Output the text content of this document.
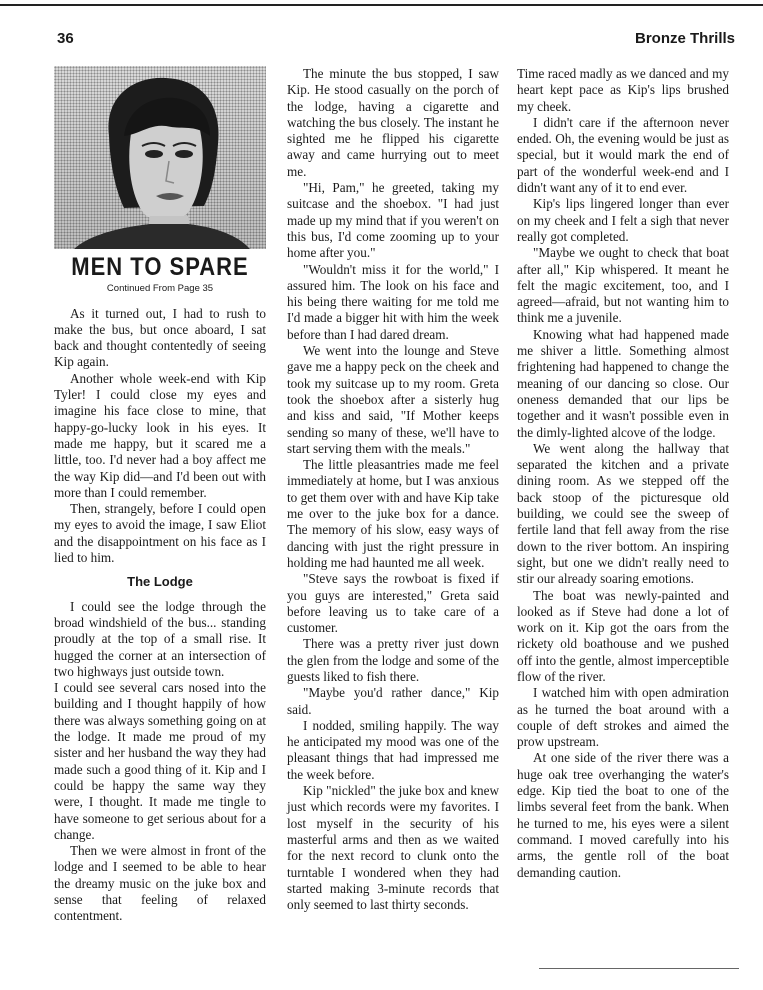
36	Bronze Thrills
MEN TO SPARE
Continued From Page 35

As it turned out, I had to rush to make the bus, but once aboard, I sat back and thought contentedly of seeing Kip again.

Another whole week-end with Kip Tyler! I could close my eyes and imagine his face close to mine, that happy-go-lucky look in his eyes. It made me happy, but it scared me a little, too. I'd never had a boy affect me the way Kip did—and I'd been out with more than I could remember.

Then, strangely, before I could open my eyes to avoid the image, I saw Eliot and the disappointment on his face as I lied to him.

The Lodge

I could see the lodge through the broad windshield of the bus... standing proudly at the top of a small rise. It hugged the corner at an intersection of two highways just outside town.

I could see several cars nosed into the building and I thought happily of how there was always something going on at the lodge. It made me proud of my sister and her husband the way they had made such a good thing of it. Kip and I could be happy the same way they were, I thought. It made me tingle to have someone to get serious about for a change.

Then we were almost in front of the lodge and I seemed to be able to hear the dreamy music on the juke box and sense that feeling of relaxed contentment.

The minute the bus stopped, I saw Kip. He stood casually on the porch of the lodge, having a cigarette and watching the bus closely. The instant he sighted me he flipped his cigarette away and came hurrying out to meet me.

"Hi, Pam," he greeted, taking my suitcase and the shoebox. "I had just made up my mind that if you weren't on this bus, I'd come zooming up to your home after you."

"Wouldn't miss it for the world," I assured him. The look on his face and his being there waiting for me told me I'd made a bigger hit with him the week before than I had dared dream.

We went into the lounge and Steve gave me a happy peck on the cheek and took my suitcase up to my room. Greta took the shoebox after a sisterly hug and kiss and said, "If Mother keeps sending so many of these, we'll have to start serving them with the meals."

The little pleasantries made me feel immediately at home, but I was anxious to get them over with and have Kip take me over to the juke box for a dance. The memory of his slow, easy ways of dancing with just the right pressure in holding me had haunted me all week.

"Steve says the rowboat is fixed if you guys are interested," Greta said before leaving us to take care of a customer.

There was a pretty river just down the glen from the lodge and some of the guests liked to fish there.

"Maybe you'd rather dance," Kip said.

I nodded, smiling happily. The way he anticipated my mood was one of the pleasant things that had impressed me the week before.

Kip "nickled" the juke box and knew just which records were my favorites. I lost myself in the security of his masterful arms and then as we waited for the next record to clunk onto the turntable I wondered when they had started making 3-minute records that only seemed to last thirty seconds.

Time raced madly as we danced and my heart kept pace as Kip's lips brushed my cheek.

I didn't care if the afternoon never ended. Oh, the evening would be just as special, but it would mark the end of part of the wonderful week-end and I didn't want any of it to end ever.

Kip's lips lingered longer than ever on my cheek and I felt a sigh that never really got completed.

"Maybe we ought to check that boat after all," Kip whispered. It meant he felt the magic excitement, too, and I agreed—afraid, but not wanting him to think me a juvenile.

Knowing what had happened made me shiver a little. Something almost frightening had happened to change the meaning of our dancing so close. Our oneness demanded that our lips be together and it wasn't possible even in the dimly-lighted alcove of the lodge.

We went along the hallway that separated the kitchen and a private dining room. As we stepped off the back stoop of the picturesque old building, we could see the sweep of fertile land that fell away from the rise down to the river bottom. An inspiring sight, but one we didn't really need to stir our already soaring emotions.

The boat was newly-painted and looked as if Steve had done a lot of work on it. Kip got the oars from the rickety old boathouse and we pushed off into the gentle, almost imperceptible flow of the river.

I watched him with open admiration as he turned the boat around with a couple of deft strokes and aimed the prow upstream.

At one side of the river there was a huge oak tree overhanging the water's edge. Kip tied the boat to one of the limbs several feet from the bank. When he turned to me, his eyes were a silent command. I moved carefully into his arms, the gentle roll of the boat demanding caution.
